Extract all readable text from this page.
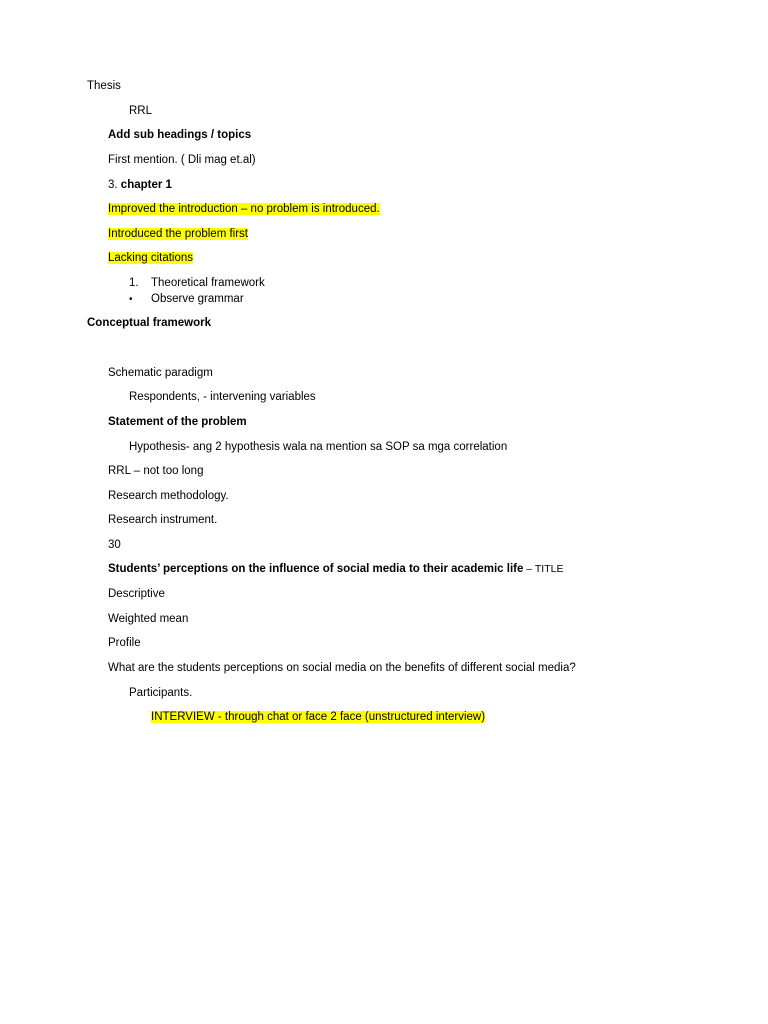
Thesis
RRL
Add sub headings / topics
First mention. ( Dli mag et.al)
3. chapter 1
Improved the introduction – no problem is introduced.
Introduced the problem first
Lacking citations
1. Theoretical framework
• Observe grammar
Conceptual framework
Schematic paradigm
Respondents, - intervening variables
Statement of the problem
Hypothesis- ang 2 hypothesis wala na mention sa SOP sa mga correlation
RRL – not too long
Research methodology.
Research instrument.
30
Students’ perceptions on the influence of social media to their academic life – TITLE
Descriptive
Weighted mean
Profile
What are the students perceptions on social media on the benefits of different social media?
Participants.
INTERVIEW - through chat or face 2 face (unstructured interview)
